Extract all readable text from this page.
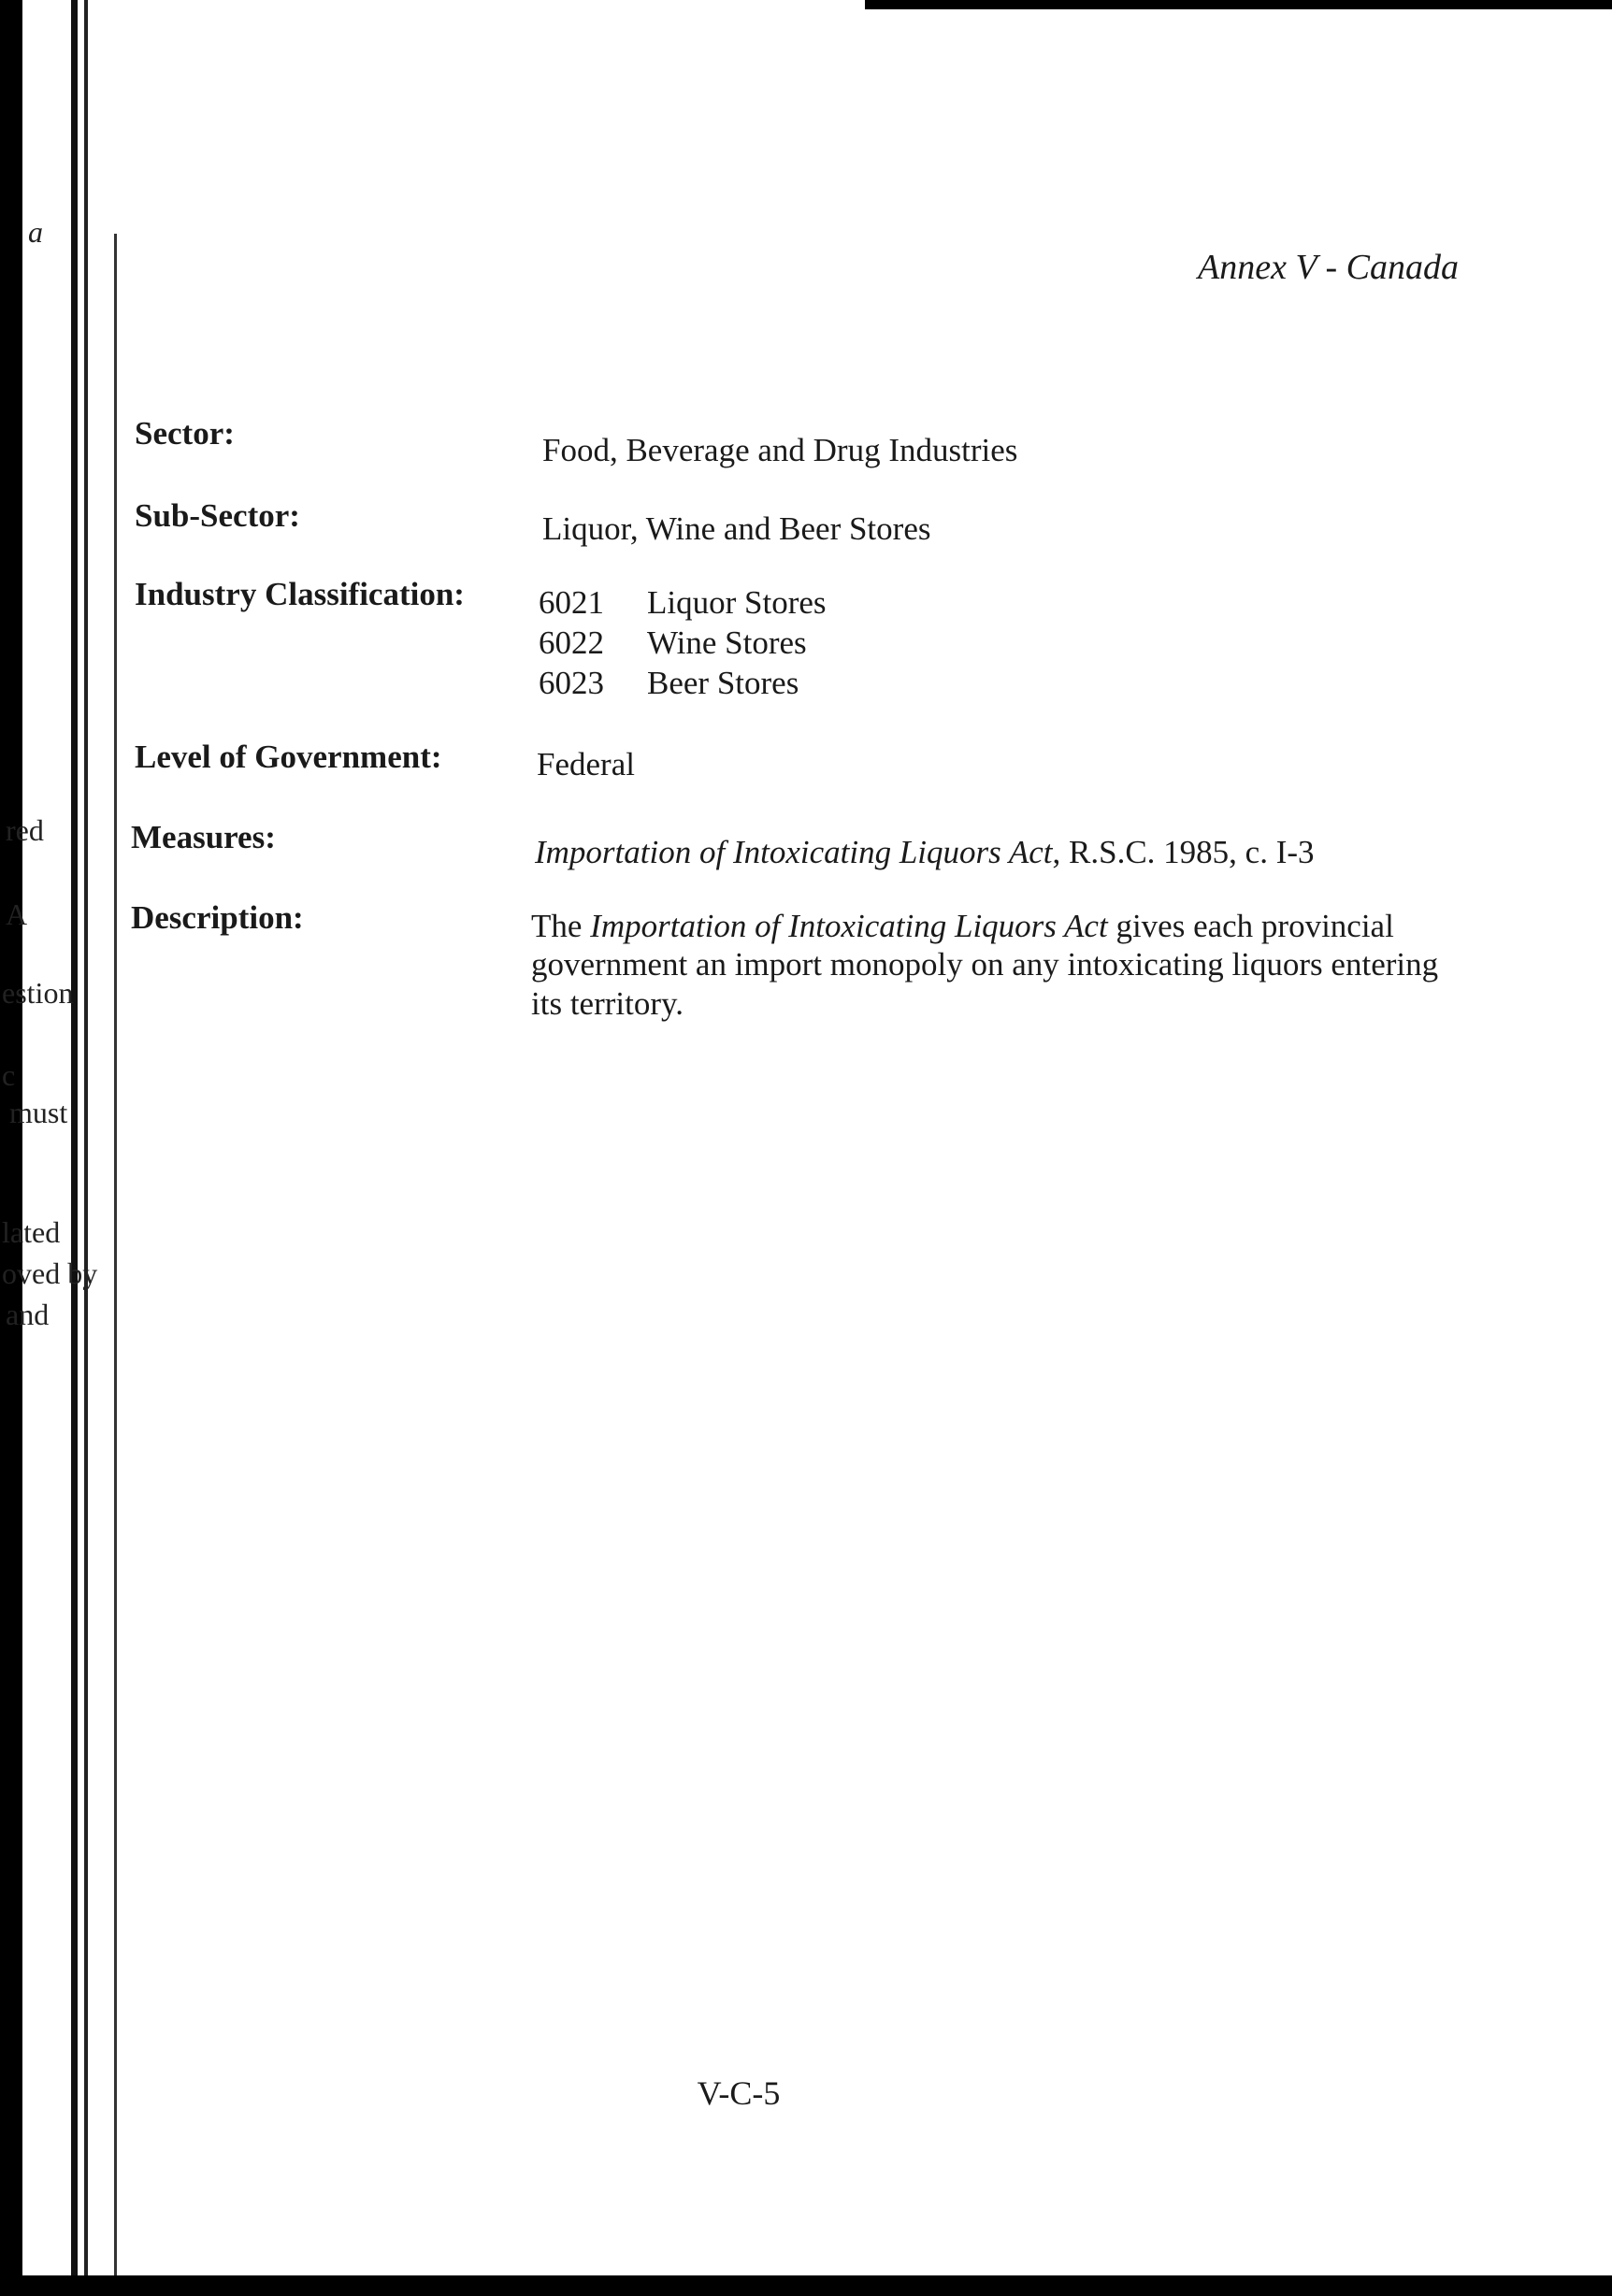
a
red
A
estion
c
must
lated
oved by
and
Annex V - Canada
Sector:	Food, Beverage and Drug Industries
Sub-Sector:	Liquor, Wine and Beer Stores
Industry Classification: 6021 Liquor Stores
6022 Wine Stores
6023 Beer Stores
Level of Government:	Federal
Measures:	Importation of Intoxicating Liquors Act, R.S.C. 1985, c. I-3
Description:	The Importation of Intoxicating Liquors Act gives each provincial government an import monopoly on any intoxicating liquors entering its territory.
V-C-5
